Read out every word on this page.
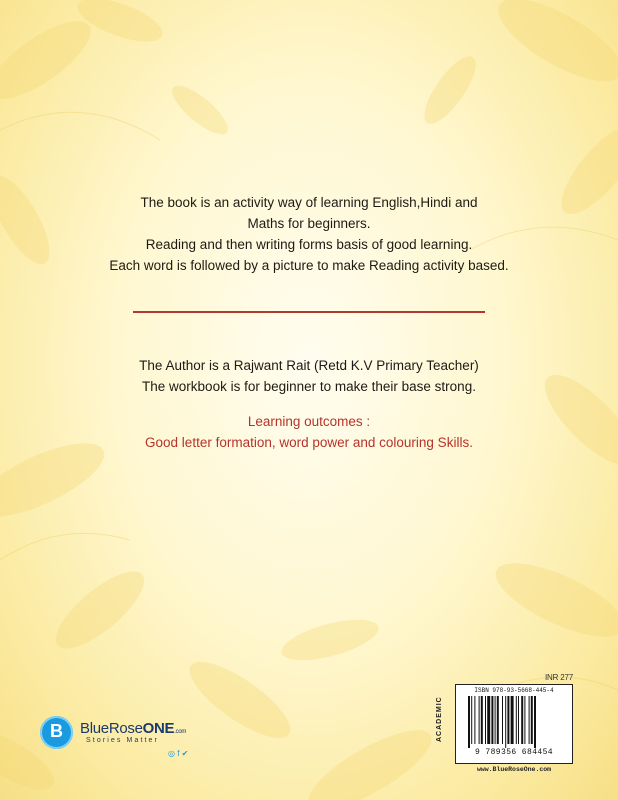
The book is an activity way of learning English,Hindi and
Maths for beginners.
Reading and then writing forms basis of good learning.
Each word is followed by a picture to make Reading activity based.
The Author is a Rajwant Rait (Retd K.V Primary Teacher)
The workbook is for beginner to make their base strong.
Learning outcomes :
Good letter formation, word power and colouring Skills.
INR 277
ACADEMIC
ISBN 978-93-5668-445-4
9 789356 684454
www.BlueRoseOne.com
B	BlueRoseONE.com
Stories Matter
◎ f ✔
